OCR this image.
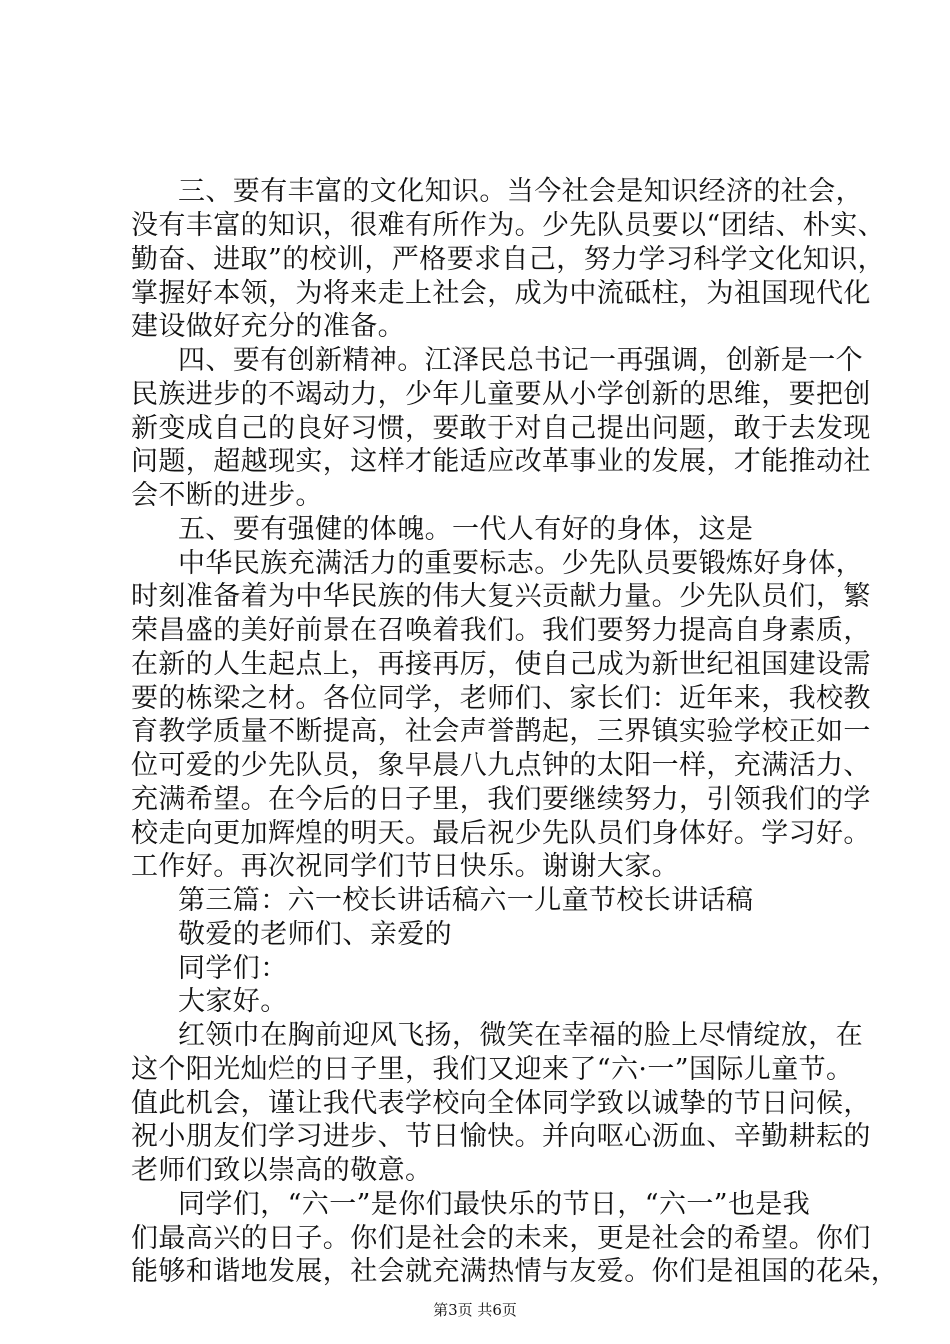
三、要有丰富的文化知识。当今社会是知识经济的社会，
没有丰富的知识，很难有所作为。少先队员要以“团结、朴实、
勤奋、进取”的校训，严格要求自己，努力学习科学文化知识，
掌握好本领，为将来走上社会，成为中流砥柱，为祖国现代化
建设做好充分的准备。
四、要有创新精神。江泽民总书记一再强调，创新是一个
民族进步的不竭动力，少年儿童要从小学创新的思维，要把创
新变成自己的良好习惯，要敢于对自己提出问题，敢于去发现
问题，超越现实，这样才能适应改革事业的发展，才能推动社
会不断的进步。
五、要有强健的体魄。一代人有好的身体，这是
中华民族充满活力的重要标志。少先队员要锻炼好身体，
时刻准备着为中华民族的伟大复兴贡献力量。少先队员们，繁
荣昌盛的美好前景在召唤着我们。我们要努力提高自身素质，
在新的人生起点上，再接再厉，使自己成为新世纪祖国建设需
要的栋梁之材。各位同学，老师们、家长们：近年来，我校教
育教学质量不断提高，社会声誉鹊起，三界镇实验学校正如一
位可爱的少先队员，象早晨八九点钟的太阳一样，充满活力、
充满希望。在今后的日子里，我们要继续努力，引领我们的学
校走向更加辉煌的明天。最后祝少先队员们身体好。学习好。
工作好。再次祝同学们节日快乐。谢谢大家。
第三篇：六一校长讲话稿六一儿童节校长讲话稿
敬爱的老师们、亲爱的
同学们：
大家好。
红领巾在胸前迎风飞扬，微笑在幸福的脸上尽情绽放，在
这个阳光灿烂的日子里，我们又迎来了“六·一”国际儿童节。
值此机会，谨让我代表学校向全体同学致以诚挚的节日问候，
祝小朋友们学习进步、节日愉快。并向呕心沥血、辛勤耕耘的
老师们致以崇高的敬意。
同学们，“六一”是你们最快乐的节日，“六一”也是我
们最高兴的日子。你们是社会的未来，更是社会的希望。你们
能够和谐地发展，社会就充满热情与友爱。你们是祖国的花朵，
第3页 共6页
